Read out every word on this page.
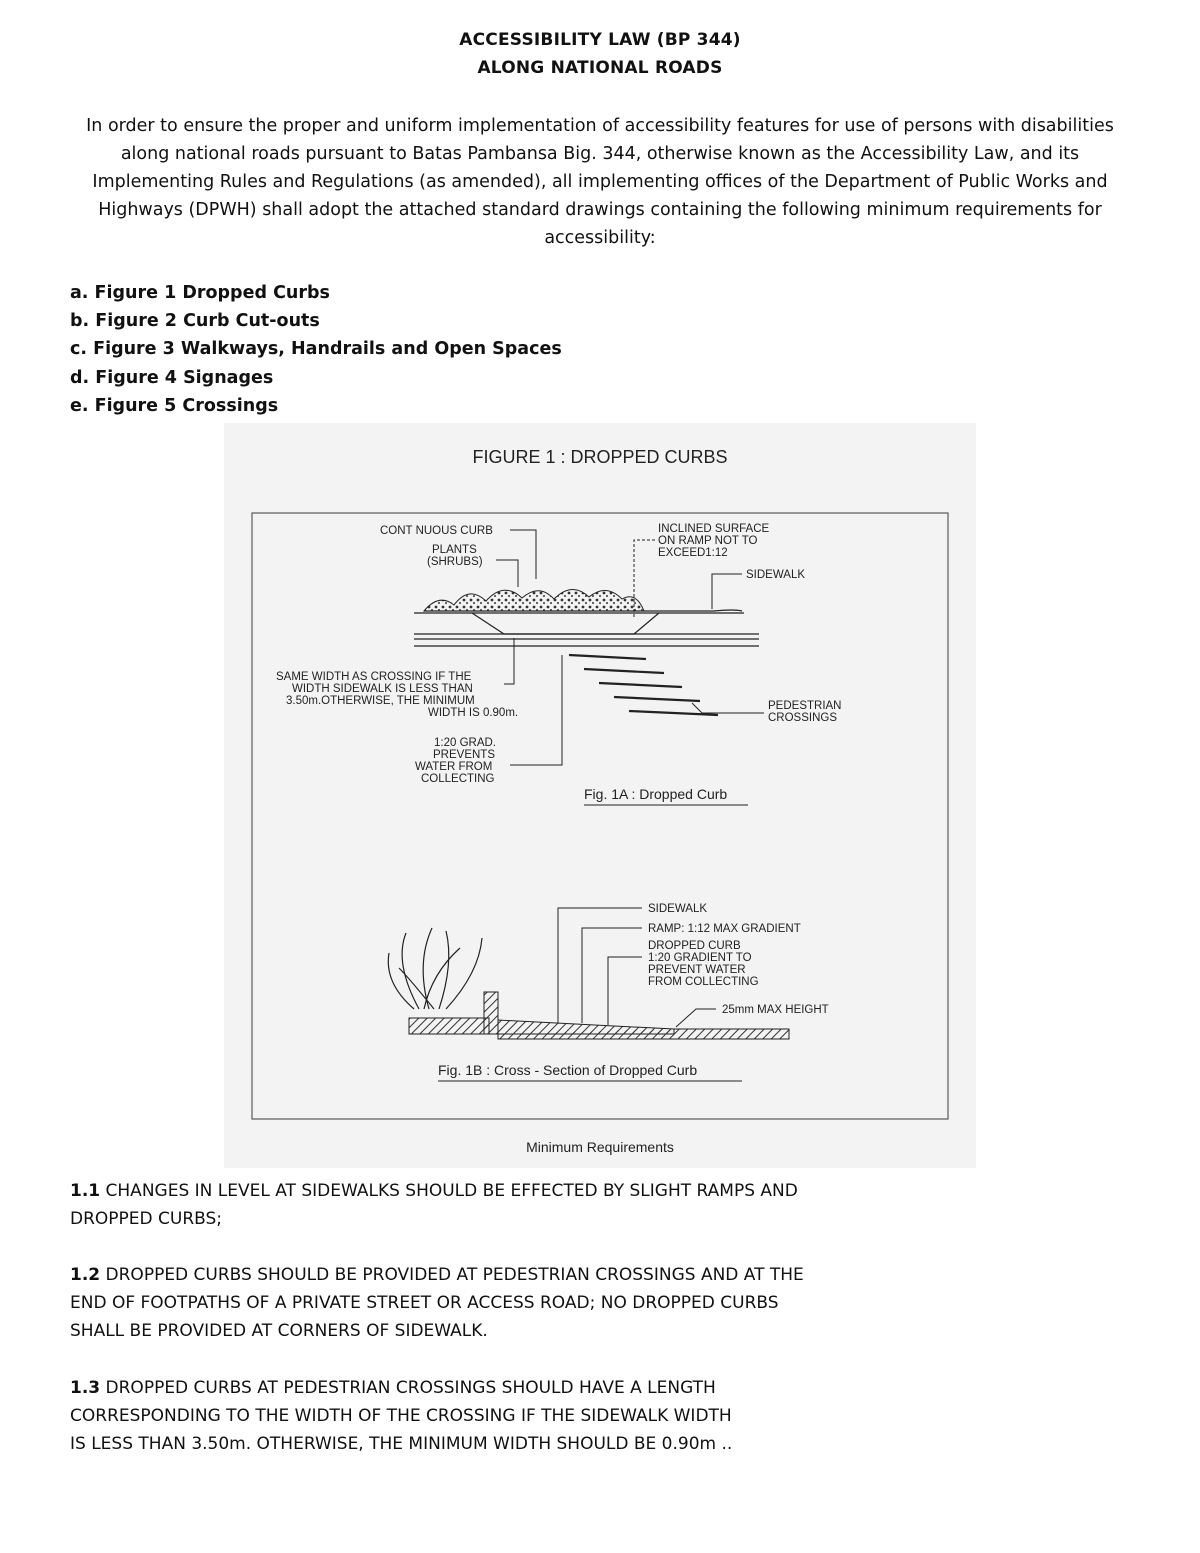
ACCESSIBILITY LAW (BP 344)
ALONG NATIONAL ROADS
In order to ensure the proper and uniform implementation of accessibility features for use of persons with disabilities along national roads pursuant to Batas Pambansa Big. 344, otherwise known as the Accessibility Law, and its Implementing Rules and Regulations (as amended), all implementing offices of the Department of Public Works and Highways (DPWH) shall adopt the attached standard drawings containing the following minimum requirements for accessibility:
a. Figure 1 Dropped Curbs
b. Figure 2 Curb Cut-outs
c. Figure 3 Walkways, Handrails and Open Spaces
d. Figure 4 Signages
e. Figure 5 Crossings
FIGURE 1 : DROPPED CURBS
CONT NUOUS CURB
PLANTS
(SHRUBS)
INCLINED SURFACE
ON RAMP NOT TO
EXCEED1:12
SIDEWALK
SAME WIDTH AS CROSSING IF THE
WIDTH SIDEWALK IS LESS THAN
3.50m.OTHERWISE, THE MINIMUM
WIDTH IS 0.90m.
PEDESTRIAN
CROSSINGS
1:20 GRAD.
PREVENTS
WATER FROM
COLLECTING
Fig. 1A : Dropped Curb
SIDEWALK
RAMP: 1:12 MAX GRADIENT
DROPPED CURB
1:20 GRADIENT TO
PREVENT WATER
FROM COLLECTING
25mm MAX HEIGHT
Fig. 1B : Cross - Section of Dropped Curb
Minimum Requirements
1.1 CHANGES IN LEVEL AT SIDEWALKS SHOULD BE EFFECTED BY SLIGHT RAMPS AND
DROPPED CURBS;
1.2 DROPPED CURBS SHOULD BE PROVIDED AT PEDESTRIAN CROSSINGS AND AT THE
END OF FOOTPATHS OF A PRIVATE STREET OR ACCESS ROAD; NO DROPPED CURBS
SHALL BE PROVIDED AT CORNERS OF SIDEWALK.
1.3 DROPPED CURBS AT PEDESTRIAN CROSSINGS SHOULD HAVE A LENGTH
CORRESPONDING TO THE WIDTH OF THE CROSSING IF THE SIDEWALK WIDTH
IS LESS THAN 3.50m. OTHERWISE, THE MINIMUM WIDTH SHOULD BE 0.90m ..
